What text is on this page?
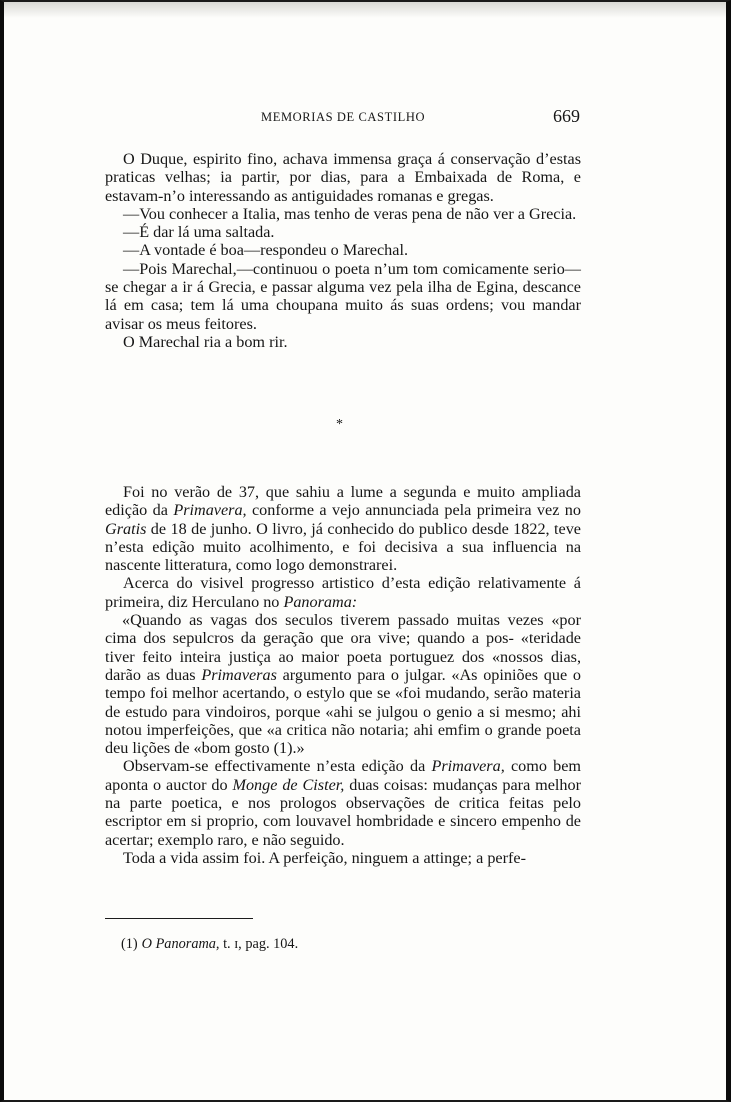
MEMORIAS DE CASTILHO	669

O Duque, espirito fino, achava immensa graça á conservação d’estas praticas velhas; ia partir, por dias, para a Embaixada de Roma, e estavam-n’o interessando as antiguidades romanas e gregas.

—Vou conhecer a Italia, mas tenho de veras pena de não ver a Grecia.

—É dar lá uma saltada.

—A vontade é boa—respondeu o Marechal.

—Pois Marechal,—continuou o poeta n’um tom comicamente serio—se chegar a ir á Grecia, e passar alguma vez pela ilha de Egina, descance lá em casa; tem lá uma choupana muito ás suas ordens; vou mandar avisar os meus feitores.

O Marechal ria a bom rir.

*

Foi no verão de 37, que sahiu a lume a segunda e muito ampliada edição da Primavera, conforme a vejo annunciada pela primeira vez no Gratis de 18 de junho. O livro, já conhecido do publico desde 1822, teve n’esta edição muito acolhimento, e foi decisiva a sua influencia na nascente litteratura, como logo demonstrarei.

Acerca do visivel progresso artistico d’esta edição relativamente á primeira, diz Herculano no Panorama:

«Quando as vagas dos seculos tiverem passado muitas vezes «por cima dos sepulcros da geração que ora vive; quando a pos- «teridade tiver feito inteira justiça ao maior poeta portuguez dos «nossos dias, darão as duas Primaveras argumento para o julgar. «As opiniões que o tempo foi melhor acertando, o estylo que se «foi mudando, serão materia de estudo para vindoiros, porque «ahi se julgou o genio a si mesmo; ahi notou imperfeições, que «a critica não notaria; ahi emfim o grande poeta deu lições de «bom gosto (1).»

Observam-se effectivamente n’esta edição da Primavera, como bem aponta o auctor do Monge de Cister, duas coisas: mudanças para melhor na parte poetica, e nos prologos observações de critica feitas pelo escriptor em si proprio, com louvavel hombridade e sincero empenho de acertar; exemplo raro, e não seguido.

Toda a vida assim foi. A perfeição, ninguem a attinge; a perfe-

(1) O Panorama, t. ɪ, pag. 104.
